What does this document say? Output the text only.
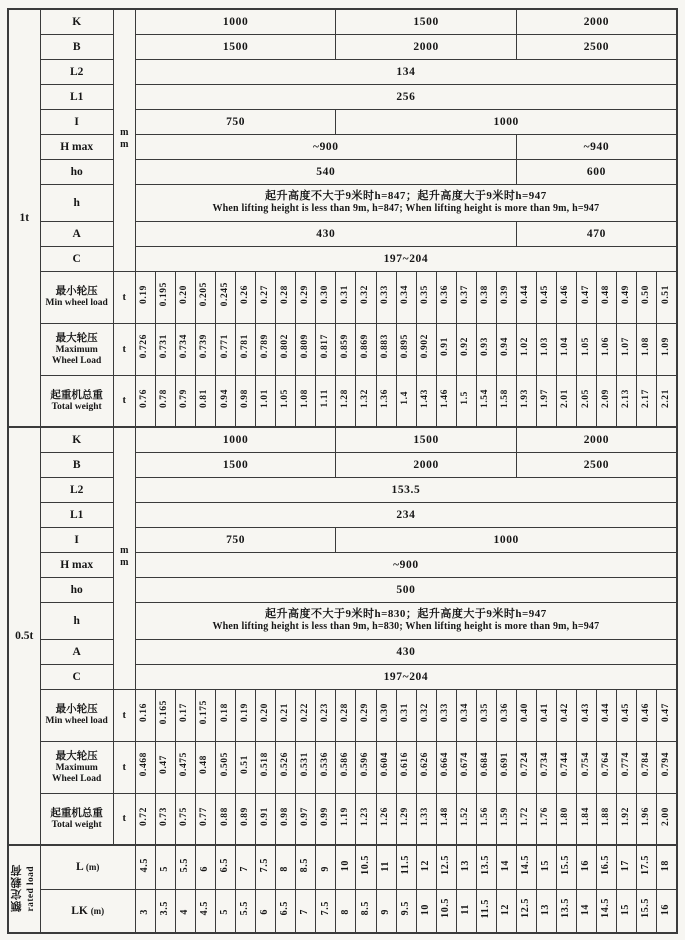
1t	K	mm	1000										1500									2000							
	B		1500										2000									2500							
	L2		134																										
	L1		256																										
	I		750										1000																
	H max		~900																			~940							
	ho		540																			600							
	h		起升高度不大于9米时h=847；起升高度大于9米时h=947
When lifting height is less than 9m, h=847; When lifting height is more than 9m, h=947																										

	A		430																			470							
	C		197~204																										

	最小轮压
Min wheel load	t	0.19	0.195	0.20	0.205	0.245	0.26	0.27	0.28	0.29	0.30	0.31	0.32	0.33	0.34	0.35	0.36	0.37	0.38	0.39	0.44	0.45	0.46	0.47	0.48	0.49	0.50	0.51

	最大轮压
Maximum Wheel Load	t	0.726	0.731	0.734	0.739	0.771	0.781	0.789	0.802	0.809	0.817	0.859	0.869	0.883	0.895	0.902	0.91	0.92	0.93	0.94	1.02	1.03	1.04	1.05	1.06	1.07	1.08	1.09

	起重机总重
Total weight	t	0.76	0.78	0.79	0.81	0.94	0.98	1.01	1.05	1.08	1.11	1.28	1.32	1.36	1.4	1.43	1.46	1.5	1.54	1.58	1.93	1.97	2.01	2.05	2.09	2.13	2.17	2.21
0.5t	K	mm	1000										1500									2000							
	B		1500										2000									2500							
	L2		153.5																										
	L1		234																										
	I		750										1000																
	H max		~900																										
	ho		500																										
	h		起升高度不大于9米时h=830；起升高度大于9米时h=947
When lifting height is less than 9m, h=830; When lifting height is more than 9m, h=947																										

	A		430																										
	C		197~204																										

	最小轮压
Min wheel load	t	0.16	0.165	0.17	0.175	0.18	0.19	0.20	0.21	0.22	0.23	0.28	0.29	0.30	0.31	0.32	0.33	0.34	0.35	0.36	0.40	0.41	0.42	0.43	0.44	0.45	0.46	0.47

	最大轮压
Maximum Wheel Load	t	0.468	0.47	0.475	0.48	0.505	0.51	0.518	0.526	0.531	0.536	0.586	0.596	0.604	0.616	0.626	0.664	0.674	0.684	0.691	0.724	0.734	0.744	0.754	0.764	0.774	0.784	0.794

	起重机总重
Total weight	t	0.72	0.73	0.75	0.77	0.88	0.89	0.91	0.98	0.97	0.99	1.19	1.23	1.26	1.29	1.33	1.48	1.52	1.56	1.59	1.72	1.76	1.80	1.84	1.88	1.92	1.96	2.00
额定载荷 rated load	L (m)		4.5	5	5.5	6	6.5	7	7.5	8	8.5	9	10	10.5	11	11.5	12	12.5	13	13.5	14	14.5	15	15.5	16	16.5	17	17.5	18
	LK (m)		3	3.5	4	4.5	5	5.5	6	6.5	7	7.5	8	8.5	9	9.5	10	10.5	11	11.5	12	12.5	13	13.5	14	14.5	15	15.5	16
